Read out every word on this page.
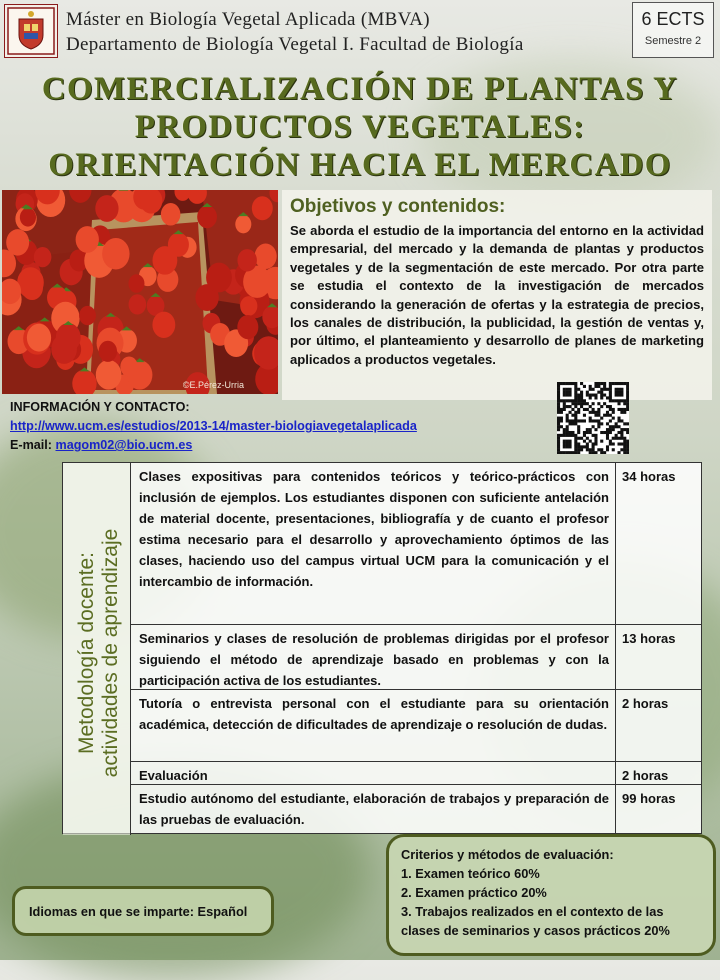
Máster en Biología Vegetal Aplicada (MBVA)
Departamento de Biología Vegetal I. Facultad de Biología
6 ECTS
Semestre 2
COMERCIALIZACIÓN DE PLANTAS Y
PRODUCTOS VEGETALES:
ORIENTACIÓN HACIA EL MERCADO
©E.Pérez-Urria
Objetivos y contenidos:

Se aborda el estudio de la importancia del entorno en la actividad empresarial, del mercado y la demanda de plantas y productos vegetales y de la segmentación de este mercado. Por otra parte se estudia el contexto de la investigación de mercados considerando la generación de ofertas y la estrategia de precios, los canales de distribución, la publicidad, la gestión de ventas y, por último, el planteamiento y desarrollo de planes de marketing aplicados a productos vegetales.

INFORMACIÓN Y CONTACTO:
http://www.ucm.es/estudios/2013-14/master-biologiavegetalaplicada
E-mail: magom02@bio.ucm.es
Metodología docente: actividades de aprendizaje
Clases expositivas para contenidos teóricos y teórico-prácticos con inclusión de ejemplos. Los estudiantes disponen con suficiente antelación de material docente, presentaciones, bibliografía y de cuanto el profesor estima necesario para el desarrollo y aprovechamiento óptimos de las clases, haciendo uso del campus virtual UCM para la comunicación y el intercambio de información.
34 horas
Seminarios y clases de resolución de problemas dirigidas por el profesor siguiendo el método de aprendizaje basado en problemas y con la participación activa de los estudiantes.
13 horas
Tutoría o entrevista personal con el estudiante para su orientación académica, detección de dificultades de aprendizaje o resolución de dudas.
2 horas
Evaluación	2 horas
Estudio autónomo del estudiante, elaboración de trabajos y preparación de las pruebas de evaluación.
99 horas
Criterios y métodos de evaluación:
1. Examen teórico 60%
2. Examen práctico 20%
3. Trabajos realizados en el contexto de las clases de seminarios y casos prácticos 20%
Idiomas en que se imparte: Español
